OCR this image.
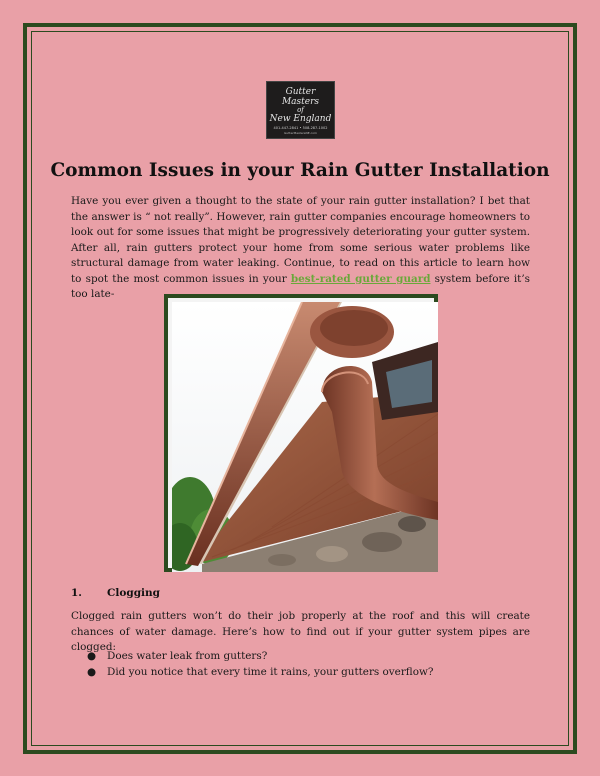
Gutter Masters
of
New England
401-447-2841 • 508-287-1002
GutterMastersNE.com
Common Issues in your Rain Gutter Installation

Have you ever given a thought to the state of your rain gutter installation? I bet that the answer is “ not really”. However, rain gutter companies encourage homeowners to look out for some issues that might be progressively deteriorating your gutter system. After all, rain gutters protect your home from some serious water problems like structural damage from water leaking. Continue, to read on this article to learn how to spot the most common issues in your best-rated gutter guard system before it’s too late-

1. Clogging

Clogged rain gutters won’t do their job properly at the roof and this will create chances of water damage. Here’s how to find out if your gutter system pipes are clogged:

● Does water leak from gutters?
● Did you notice that every time it rains, your gutters overflow?
